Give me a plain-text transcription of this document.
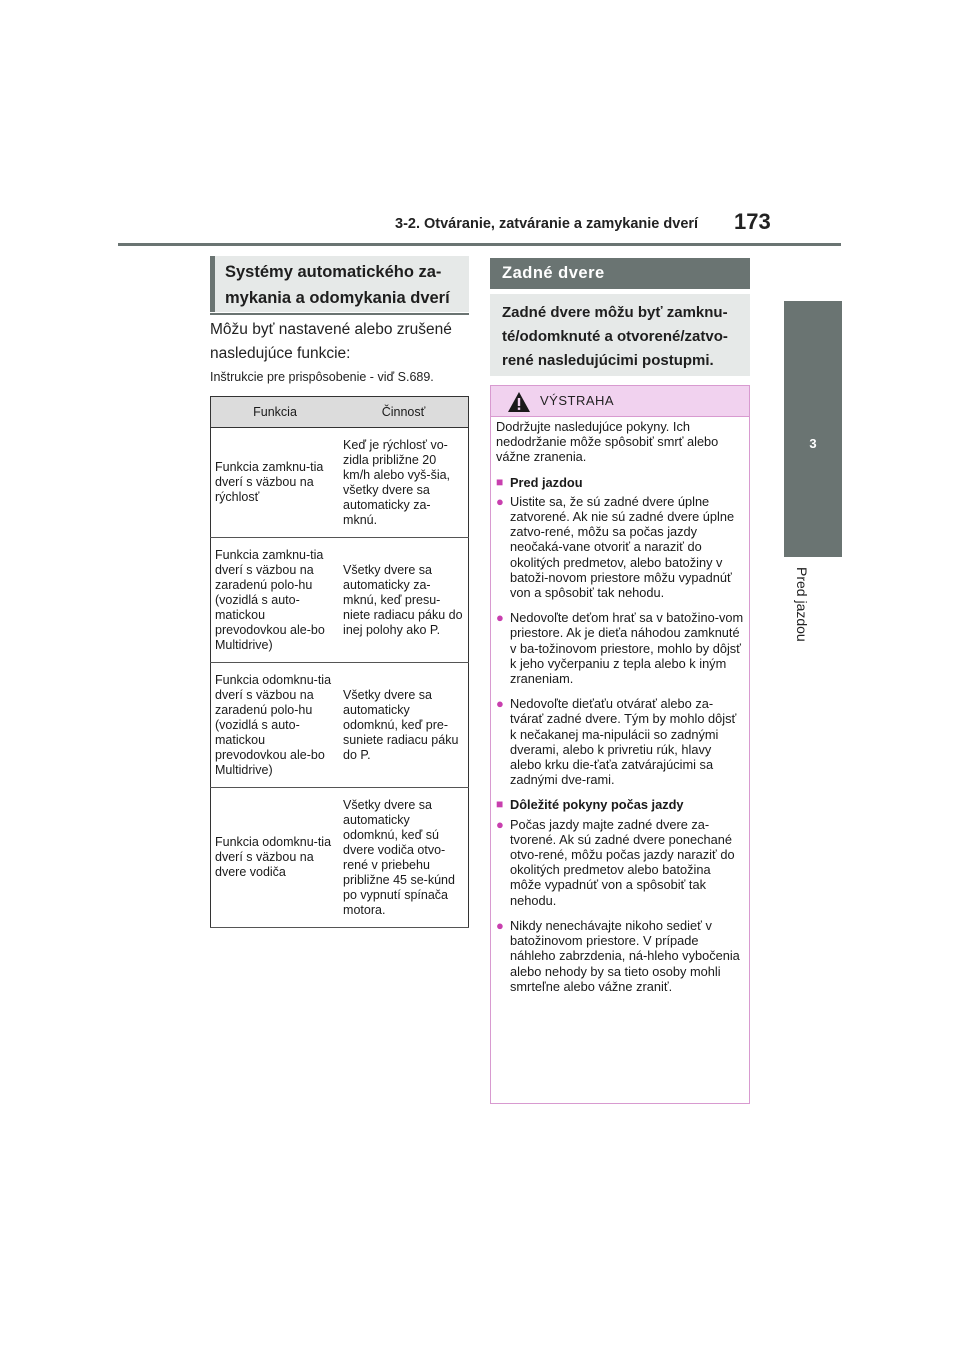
3-2. Otváranie, zatváranie a zamykanie dverí 173
3
Pred jazdou
Systémy automatického za-
mykania a odomykania dverí
Môžu byť nastavené alebo zrušené nasledujúce funkcie:
Inštrukcie pre prispôsobenie - viď S.689.
Funkcia	Činnosť
Funkcia zamknu-tia dverí s väzbou na rýchlosť	Keď je rýchlosť vo-zidla približne 20 km/h alebo vyš-šia, všetky dvere sa automaticky za-mknú.
Funkcia zamknu-tia dverí s väzbou na zaradenú polo-hu (vozidlá s auto-matickou prevodovkou ale-bo Multidrive)	Všetky dvere sa automaticky za-mknú, keď presu-niete radiacu páku do inej polohy ako P.
Funkcia odomknu-tia dverí s väzbou na zaradenú polo-hu (vozidlá s auto-matickou prevodovkou ale-bo Multidrive)	Všetky dvere sa automaticky odomknú, keď pre-suniete radiacu páku do P.
Funkcia odomknu-tia dverí s väzbou na dvere vodiča	Všetky dvere sa automaticky odomknú, keď sú dvere vodiča otvo-rené v priebehu približne 45 se-kúnd po vypnutí spínača motora.
Zadné dvere
Zadné dvere môžu byť zamknu-té/odomknuté a otvorené/zatvo-rené nasledujúcimi postupmi.
VÝSTRAHA
Dodržujte nasledujúce pokyny. Ich nedodržanie môže spôsobiť smrť alebo vážne zranenia.
■ Pred jazdou
● Uistite sa, že sú zadné dvere úplne zatvorené. Ak nie sú zadné dvere úplne zatvo-rené, môžu sa počas jazdy neočaká-vane otvoriť a naraziť do okolitých predmetov, alebo batožiny v batoži-novom priestore môžu vypadnúť von a spôsobiť tak nehodu.
● Nedovoľte deťom hrať sa v batožino-vom priestore. Ak je dieťa náhodou zamknuté v ba-tožinovom priestore, mohlo by dôjsť k jeho vyčerpaniu z tepla alebo k iným zraneniam.
● Nedovoľte dieťaťu otvárať alebo za-tvárať zadné dvere. Tým by mohlo dôjsť k nečakanej ma-nipulácii so zadnými dverami, alebo k privretiu rúk, hlavy alebo krku die-ťaťa zatvárajúcimi sa zadnými dve-rami.
■ Dôležité pokyny počas jazdy
● Počas jazdy majte zadné dvere za-tvorené. Ak sú zadné dvere ponechané otvo-rené, môžu počas jazdy naraziť do okolitých predmetov alebo batožina môže vypadnúť von a spôsobiť tak nehodu.
● Nikdy nenechávajte nikoho sedieť v batožinovom priestore. V prípade náhleho zabrzdenia, ná-hleho vybočenia alebo nehody by sa tieto osoby mohli smrteľne alebo vážne zraniť.
